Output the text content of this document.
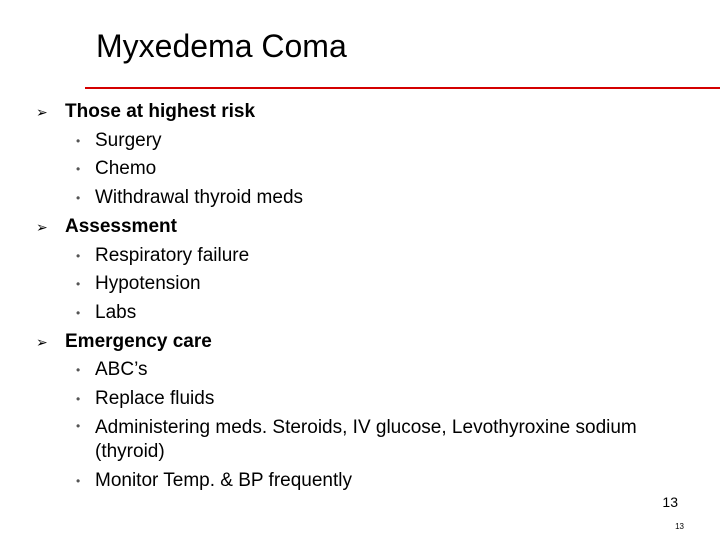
Myxedema Coma
➢ Those at highest risk
• Surgery
• Chemo
• Withdrawal thyroid meds
➢ Assessment
• Respiratory failure
• Hypotension
• Labs
➢ Emergency care
• ABC’s
• Replace fluids
• Administering meds. Steroids, IV glucose, Levothyroxine sodium (thyroid)
• Monitor Temp. & BP frequently
13
13
